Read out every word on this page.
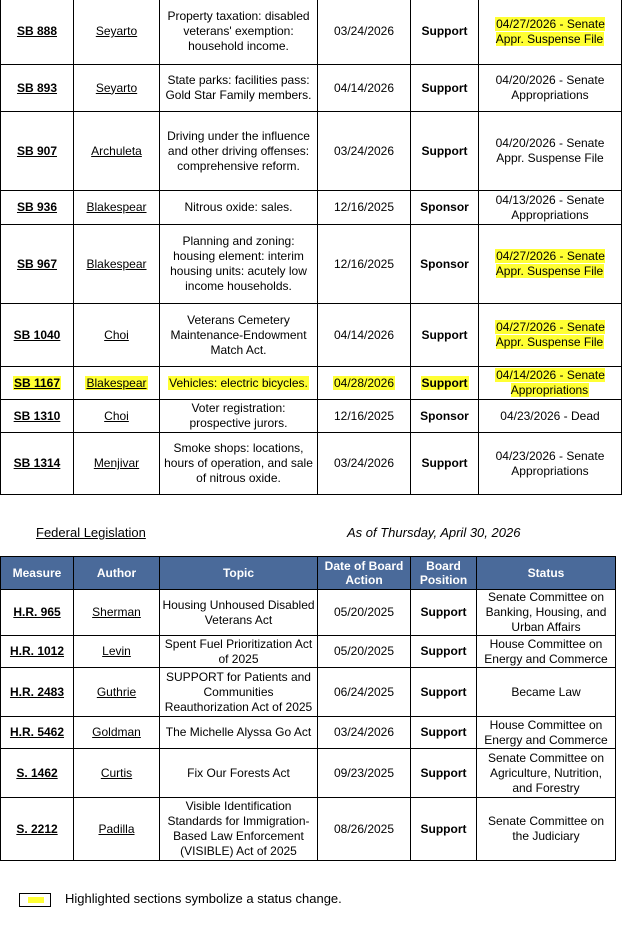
SB 888	Seyarto	Property taxation: disabled veterans' exemption: household income.	03/24/2026	Support	04/27/2026 - Senate Appr. Suspense File
SB 893	Seyarto	State parks: facilities pass: Gold Star Family members.	04/14/2026	Support	04/20/2026 - Senate Appropriations
SB 907	Archuleta	Driving under the influence and other driving offenses: comprehensive reform.	03/24/2026	Support	04/20/2026 - Senate Appr. Suspense File
SB 936	Blakespear	Nitrous oxide: sales.	12/16/2025	Sponsor	04/13/2026 - Senate Appropriations
SB 967	Blakespear	Planning and zoning: housing element: interim housing units: acutely low income households.	12/16/2025	Sponsor	04/27/2026 - Senate Appr. Suspense File
SB 1040	Choi	Veterans Cemetery Maintenance-Endowment Match Act.	04/14/2026	Support	04/27/2026 - Senate Appr. Suspense File
SB 1167	Blakespear	Vehicles: electric bicycles.	04/28/2026	Support	04/14/2026 - Senate Appropriations
SB 1310	Choi	Voter registration: prospective jurors.	12/16/2025	Sponsor	04/23/2026 - Dead
SB 1314	Menjivar	Smoke shops: locations, hours of operation, and sale of nitrous oxide.	03/24/2026	Support	04/23/2026 - Senate Appropriations
Federal Legislation	As of Thursday, April 30, 2026
Measure	Author	Topic	Date of Board Action	Board Position	Status
H.R. 965	Sherman	Housing Unhoused Disabled Veterans Act	05/20/2025	Support	Senate Committee on Banking, Housing, and Urban Affairs
H.R. 1012	Levin	Spent Fuel Prioritization Act of 2025	05/20/2025	Support	House Committee on Energy and Commerce
H.R. 2483	Guthrie	SUPPORT for Patients and Communities Reauthorization Act of 2025	06/24/2025	Support	Became Law
H.R. 5462	Goldman	The Michelle Alyssa Go Act	03/24/2026	Support	House Committee on Energy and Commerce
S. 1462	Curtis	Fix Our Forests Act	09/23/2025	Support	Senate Committee on Agriculture, Nutrition, and Forestry
S. 2212	Padilla	Visible Identification Standards for Immigration-Based Law Enforcement (VISIBLE) Act of 2025	08/26/2025	Support	Senate Committee on the Judiciary
Highlighted sections symbolize a status change.
